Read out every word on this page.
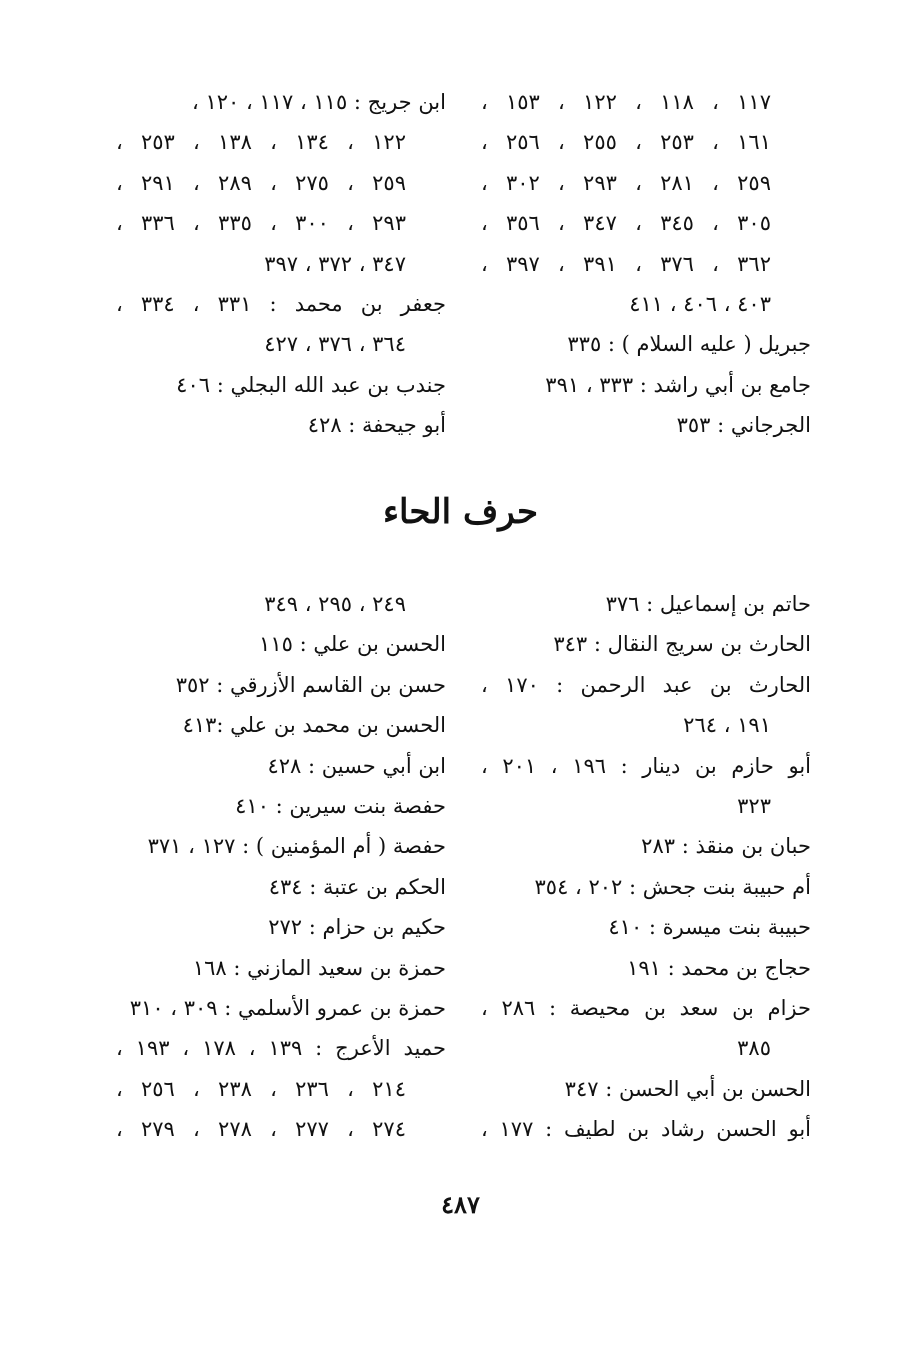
١١٧ ، ١١٨ ، ١٢٢ ، ١٥٣ ،
١٦١ ، ٢٥٣ ، ٢٥٥ ، ٢٥٦ ،
٢٥٩ ، ٢٨١ ، ٢٩٣ ، ٣٠٢ ،
٣٠٥ ، ٣٤٥ ، ٣٤٧ ، ٣٥٦ ،
٣٦٢ ، ٣٧٦ ، ٣٩١ ، ٣٩٧ ،
٤٠٣ ، ٤٠٦ ، ٤١١
جبريل ( عليه السلام ) : ٣٣٥
جامع بن أبي راشد : ٣٣٣ ، ٣٩١
الجرجاني : ٣٥٣
ابن جريج : ١١٥ ، ١١٧ ، ١٢٠ ،
١٢٢ ، ١٣٤ ، ١٣٨ ، ٢٥٣ ،
٢٥٩ ، ٢٧٥ ، ٢٨٩ ، ٢٩١ ،
٢٩٣ ، ٣٠٠ ، ٣٣٥ ، ٣٣٦ ،
٣٤٧ ، ٣٧٢ ، ٣٩٧
جعفر بن محمد : ٣٣١ ، ٣٣٤ ،
٣٦٤ ، ٣٧٦ ، ٤٢٧
جندب بن عبد الله البجلي : ٤٠٦
أبو جيحفة : ٤٢٨
حرف الحاء
حاتم بن إسماعيل : ٣٧٦
الحارث بن سريج النقال : ٣٤٣
الحارث بن عبد الرحمن : ١٧٠ ،
١٩١ ، ٢٦٤
أبو حازم بن دينار : ١٩٦ ، ٢٠١ ،
٣٢٣
حبان بن منقذ : ٢٨٣
أم حبيبة بنت جحش : ٢٠٢ ، ٣٥٤
حبيبة بنت ميسرة : ٤١٠
حجاج بن محمد : ١٩١
حزام بن سعد بن محيصة : ٢٨٦ ،
٣٨٥
الحسن بن أبي الحسن : ٣٤٧
أبو الحسن رشاد بن لطيف : ١٧٧ ،
٢٤٩ ، ٢٩٥ ، ٣٤٩
الحسن بن علي : ١١٥
حسن بن القاسم الأزرقي : ٣٥٢
الحسن بن محمد بن علي :٤١٣
ابن أبي حسين : ٤٢٨
حفصة بنت سيرين : ٤١٠
حفصة ( أم المؤمنين ) : ١٢٧ ، ٣٧١
الحكم بن عتبة : ٤٣٤
حكيم بن حزام : ٢٧٢
حمزة بن سعيد المازني : ١٦٨
حمزة بن عمرو الأسلمي : ٣٠٩ ، ٣١٠
حميد الأعرج : ١٣٩ ، ١٧٨ ، ١٩٣ ،
٢١٤ ، ٢٣٦ ، ٢٣٨ ، ٢٥٦ ،
٢٧٤ ، ٢٧٧ ، ٢٧٨ ، ٢٧٩ ،
٤٨٧
